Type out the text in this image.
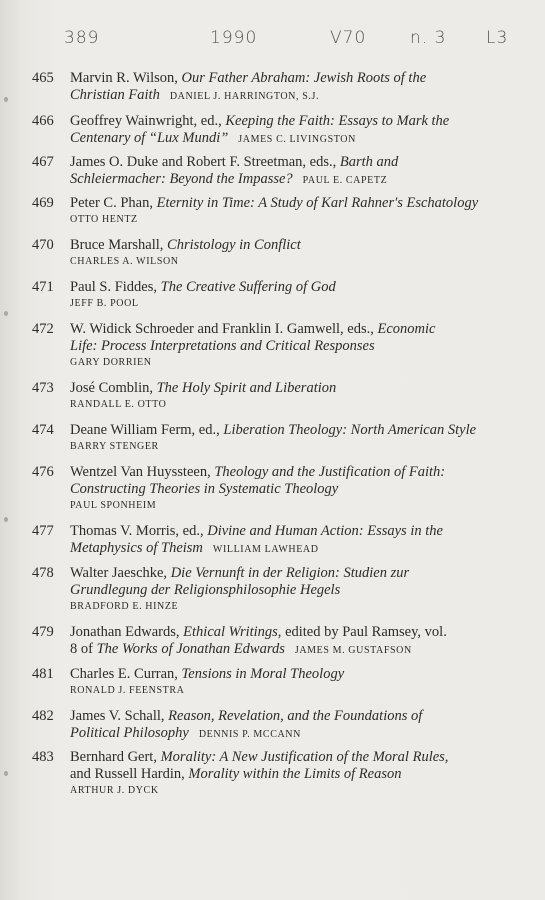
389	1990	V70	n. 3 L3
465	Marvin R. Wilson, Our Father Abraham: Jewish Roots of the
Christian Faith DANIEL J. HARRINGTON, S.J.
466	Geoffrey Wainwright, ed., Keeping the Faith: Essays to Mark the
Centenary of “Lux Mundi” JAMES C. LIVINGSTON
467	James O. Duke and Robert F. Streetman, eds., Barth and
Schleiermacher: Beyond the Impasse? PAUL E. CAPETZ
469	Peter C. Phan, Eternity in Time: A Study of Karl Rahner's Eschatology
OTTO HENTZ
470	Bruce Marshall, Christology in Conflict
CHARLES A. WILSON
471	Paul S. Fiddes, The Creative Suffering of God
JEFF B. POOL
472	W. Widick Schroeder and Franklin I. Gamwell, eds., Economic
Life: Process Interpretations and Critical Responses
GARY DORRIEN
473	José Comblin, The Holy Spirit and Liberation
RANDALL E. OTTO
474	Deane William Ferm, ed., Liberation Theology: North American Style
BARRY STENGER
476	Wentzel Van Huyssteen, Theology and the Justification of Faith:
Constructing Theories in Systematic Theology
PAUL SPONHEIM
477	Thomas V. Morris, ed., Divine and Human Action: Essays in the
Metaphysics of Theism WILLIAM LAWHEAD
478	Walter Jaeschke, Die Vernunft in der Religion: Studien zur
Grundlegung der Religionsphilosophie Hegels
BRADFORD E. HINZE
479	Jonathan Edwards, Ethical Writings, edited by Paul Ramsey, vol.
8 of The Works of Jonathan Edwards JAMES M. GUSTAFSON
481	Charles E. Curran, Tensions in Moral Theology
RONALD J. FEENSTRA
482	James V. Schall, Reason, Revelation, and the Foundations of
Political Philosophy DENNIS P. MCCANN
483	Bernhard Gert, Morality: A New Justification of the Moral Rules,
and Russell Hardin, Morality within the Limits of Reason
ARTHUR J. DYCK
